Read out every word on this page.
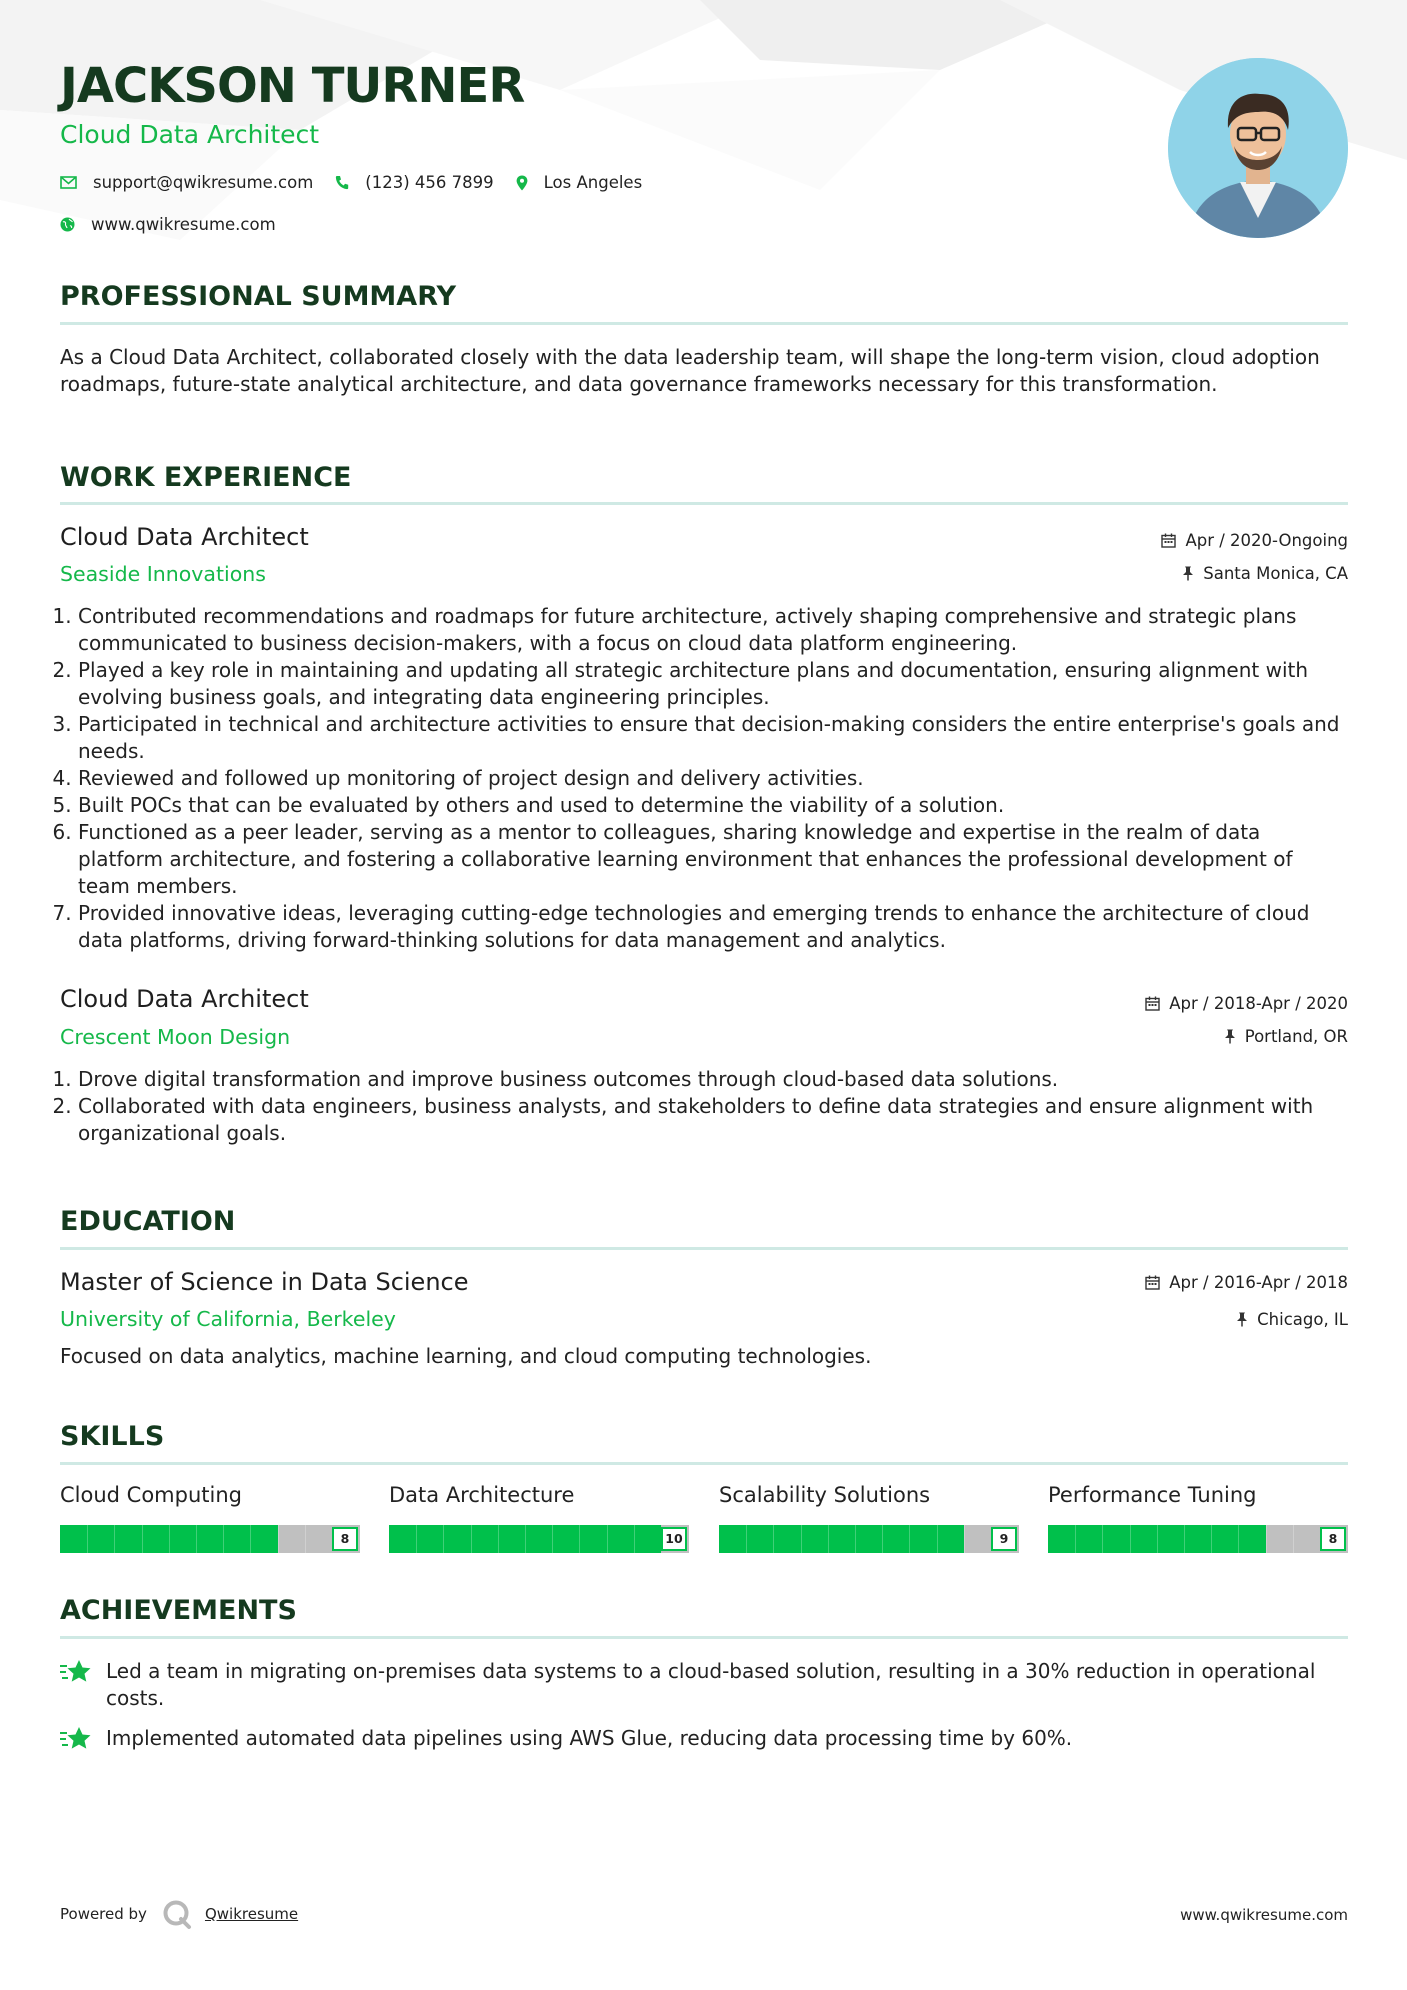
JACKSON TURNER
Cloud Data Architect
support@qwikresume.com	(123) 456 7899	Los Angeles
www.qwikresume.com
PROFESSIONAL SUMMARY
As a Cloud Data Architect, collaborated closely with the data leadership team, will shape the long-term vision, cloud adoption roadmaps, future-state analytical architecture, and data governance frameworks necessary for this transformation.
WORK EXPERIENCE
Cloud Data Architect
Seaside Innovations
Apr / 2020-Ongoing
Santa Monica, CA
1. Contributed recommendations and roadmaps for future architecture, actively shaping comprehensive and strategic plans communicated to business decision-makers, with a focus on cloud data platform engineering.
2. Played a key role in maintaining and updating all strategic architecture plans and documentation, ensuring alignment with evolving business goals, and integrating data engineering principles.
3. Participated in technical and architecture activities to ensure that decision-making considers the entire enterprise's goals and needs.
4. Reviewed and followed up monitoring of project design and delivery activities.
5. Built POCs that can be evaluated by others and used to determine the viability of a solution.
6. Functioned as a peer leader, serving as a mentor to colleagues, sharing knowledge and expertise in the realm of data platform architecture, and fostering a collaborative learning environment that enhances the professional development of team members.
7. Provided innovative ideas, leveraging cutting-edge technologies and emerging trends to enhance the architecture of cloud data platforms, driving forward-thinking solutions for data management and analytics.
Cloud Data Architect
Crescent Moon Design
Apr / 2018-Apr / 2020
Portland, OR
1. Drove digital transformation and improve business outcomes through cloud-based data solutions.
2. Collaborated with data engineers, business analysts, and stakeholders to define data strategies and ensure alignment with organizational goals.
EDUCATION
Master of Science in Data Science
University of California, Berkeley
Apr / 2016-Apr / 2018
Chicago, IL
Focused on data analytics, machine learning, and cloud computing technologies.
SKILLS
Cloud Computing
8
Data Architecture
10
Scalability Solutions
9
Performance Tuning
8
ACHIEVEMENTS
Led a team in migrating on-premises data systems to a cloud-based solution, resulting in a 30% reduction in operational costs.
Implemented automated data pipelines using AWS Glue, reducing data processing time by 60%.
Powered by	Qwikresume	www.qwikresume.com
